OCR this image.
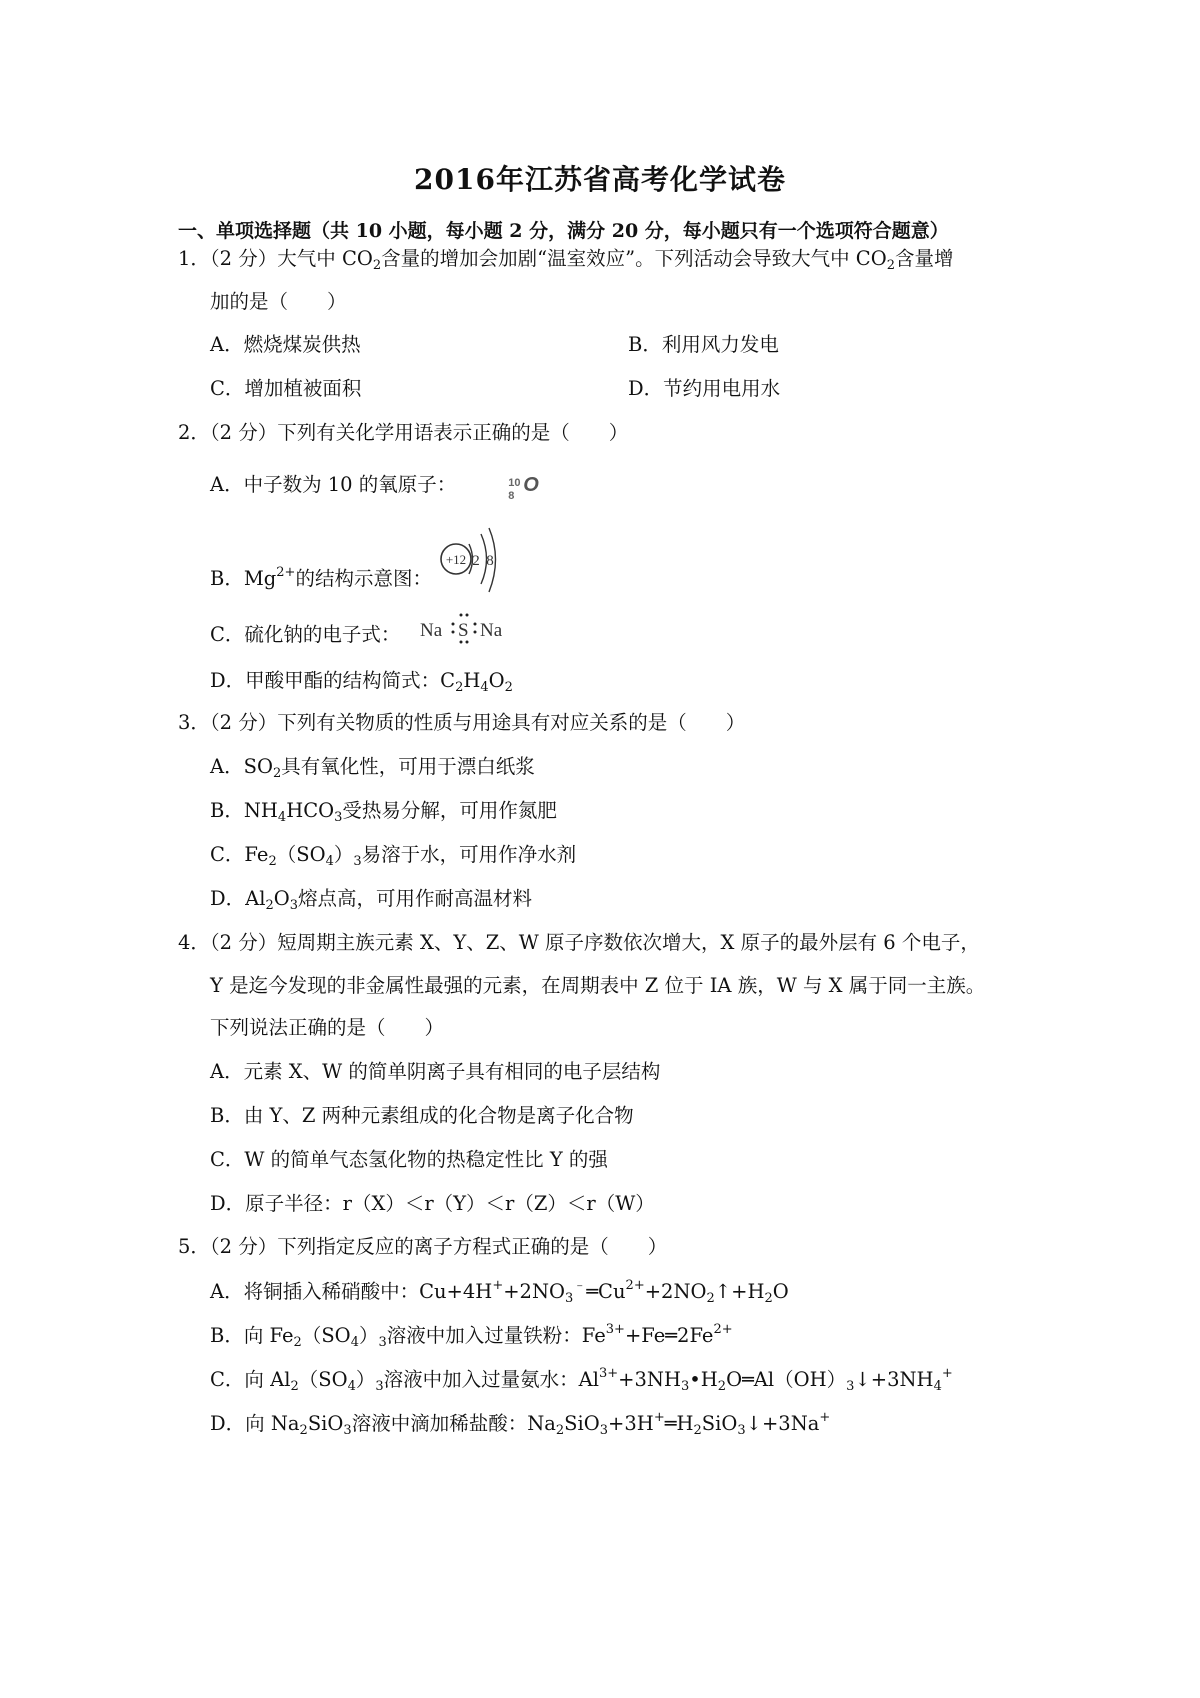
2016年江苏省高考化学试卷
一、单项选择题（共 10 小题，每小题 2 分，满分 20 分，每小题只有一个选项符合题意）
1．（2 分）大气中 $CO_2$含量的增加会加剧“温室效应”。下列活动会导致大气中 $CO_2$含量增
加的是（　　）
A．燃烧煤炭供热	B．利用风力发电
C．增加植被面积	D．节约用电用水
2．（2 分）下列有关化学用语表示正确的是（　　）
A．中子数为 10 的氧原子：	10
8 O
B．$Mg^{2+}$的结构示意图：
+12 2 8
C．硫化钠的电子式： Na S Na
D．甲酸甲酯的结构简式：$C_2H_4O_2$
3．（2 分）下列有关物质的性质与用途具有对应关系的是（　　）
A．$SO_2$具有氧化性，可用于漂白纸浆
B．$NH_4HCO_3$受热易分解，可用作氮肥
C．$Fe_2(SO_4)_3$易溶于水，可用作净水剂
D．$Al_2O_3$熔点高，可用作耐高温材料
4．（2 分）短周期主族元素 X、Y、Z、W 原子序数依次增大，X 原子的最外层有 6 个电子，
Y 是迄今发现的非金属性最强的元素，在周期表中 Z 位于 IA 族，W 与 X 属于同一主族。
下列说法正确的是（　　）
A．元素 X、W 的简单阴离子具有相同的电子层结构
B．由 Y、Z 两种元素组成的化合物是离子化合物
C．W 的简单气态氢化物的热稳定性比 Y 的强
D．原子半径：r（X）＜r（Y）＜r（Z）＜r（W）
5．（2 分）下列指定反应的离子方程式正确的是（　　）
A．将铜插入稀硝酸中：$Cu+4H^++2NO_3^﹣═Cu^{2+}+2NO_2↑+H_2O$
B．向 $Fe_2(SO_4)_3$溶液中加入过量铁粉：$Fe^{3+}+Fe═2Fe^{2+}$
C．向 $Al_2(SO_4)_3$溶液中加入过量氨水：$Al^{3+}+3NH_3•H_2O═Al(OH)_3↓+3NH_4^+$
D．向 $Na_2SiO_3$溶液中滴加稀盐酸：$Na_2SiO_3+3H^+═H_2SiO_3↓+3Na^+$
